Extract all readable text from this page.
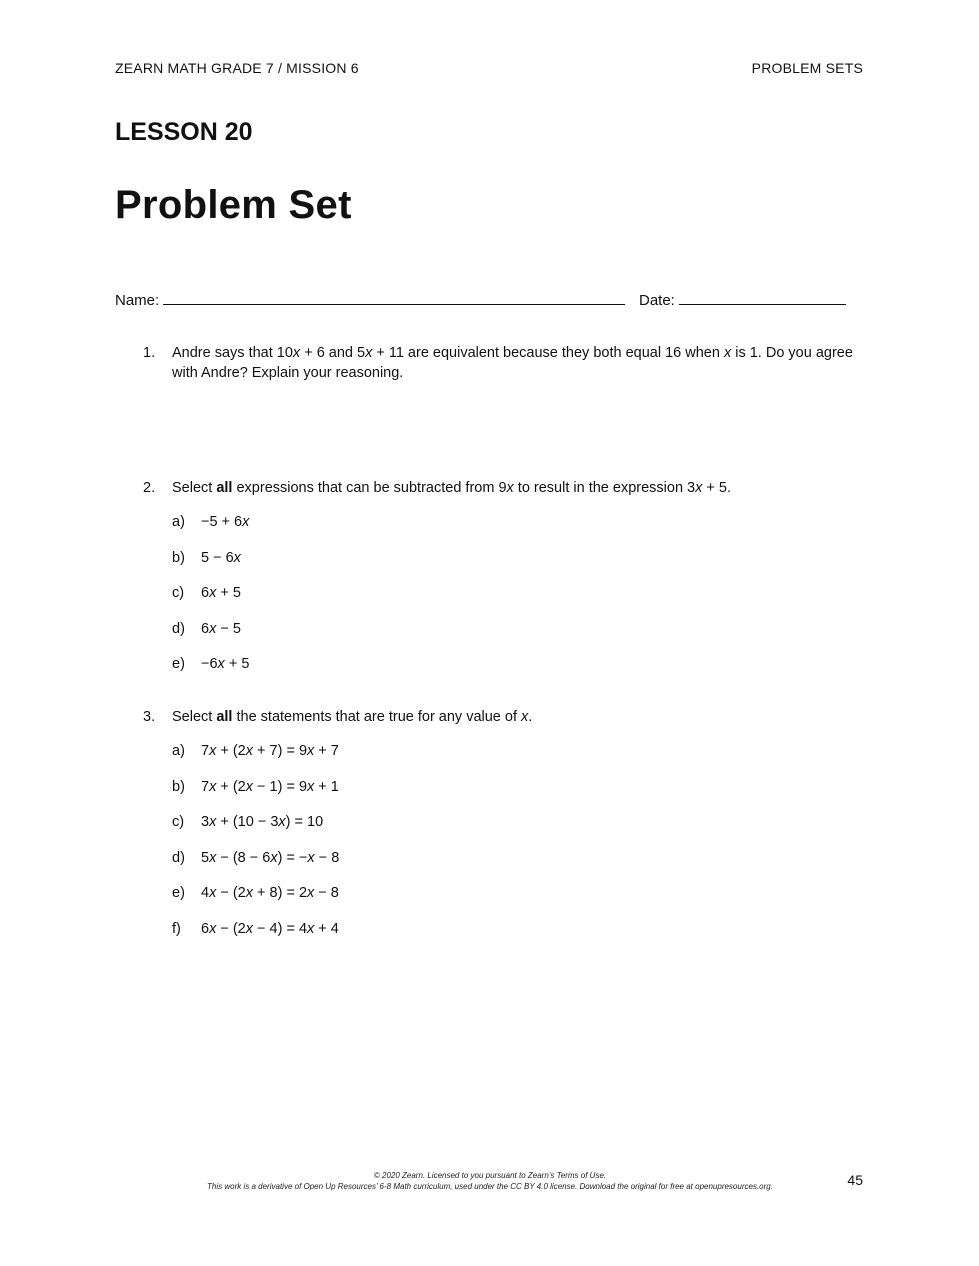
ZEARN MATH GRADE 7 / MISSION 6	PROBLEM SETS
LESSON 20
Problem Set
Name:	Date:
1. Andre says that 10x + 6 and 5x + 11 are equivalent because they both equal 16 when x is 1. Do you agree with Andre? Explain your reasoning.
2. Select all expressions that can be subtracted from 9x to result in the expression 3x + 5.
a) −5 + 6x
b) 5 − 6x
c) 6x + 5
d) 6x − 5
e) −6x + 5
3. Select all the statements that are true for any value of x.
a) 7x + (2x + 7) = 9x + 7
b) 7x + (2x − 1) = 9x + 1
c) 3x + (10 − 3x) = 10
d) 5x − (8 − 6x) = −x − 8
e) 4x − (2x + 8) = 2x − 8
f) 6x − (2x − 4) = 4x + 4
© 2020 Zearn. Licensed to you pursuant to Zearn’s Terms of Use.
This work is a derivative of Open Up Resources’ 6-8 Math curriculum, used under the CC BY 4.0 license. Download the original for free at openupresources.org.	45
